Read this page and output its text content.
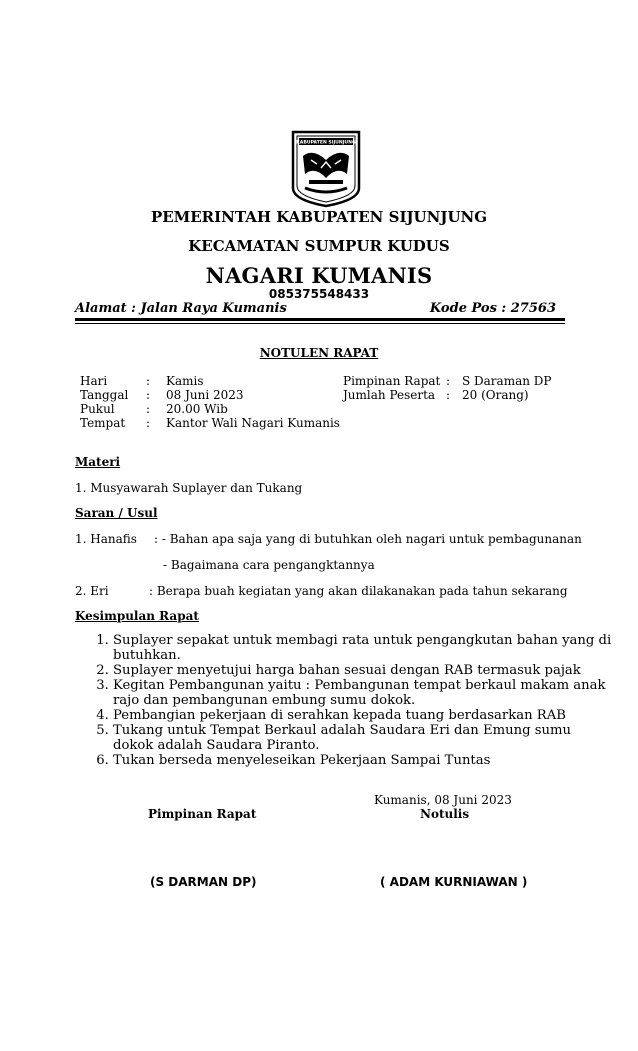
KABUPATEN SIJUNJUNG
PEMERINTAH KABUPATEN SIJUNJUNG
KECAMATAN SUMPUR KUDUS
NAGARI KUMANIS
085375548433
Alamat : Jalan Raya Kumanis	Kode Pos : 27563
NOTULEN RAPAT
Hari	: Kamis
Tanggal : 08 Juni 2023
Pukul	: 20.00 Wib
Tempat : Kantor Wali Nagari Kumanis
Pimpinan Rapat : S Daraman DP
Jumlah Peserta : 20 (Orang)
Materi
1. Musyawarah Suplayer dan Tukang
Saran / Usul
1. Hanafis : - Bahan apa saja yang di butuhkan oleh nagari untuk pembagunanan
- Bagaimana cara pengangktannya
2. Eri	: Berapa buah kegiatan yang akan dilakanakan pada tahun sekarang
Kesimpulan Rapat
1. Suplayer sepakat untuk membagi rata untuk pengangkutan bahan yang di butuhkan.
2. Suplayer menyetujui harga bahan sesuai dengan RAB termasuk pajak
3. Kegitan Pembangunan yaitu : Pembangunan tempat berkaul makam anak rajo dan pembangunan embung sumu dokok.
4. Pembangian pekerjaan di serahkan kepada tuang berdasarkan RAB
5. Tukang untuk Tempat Berkaul adalah Saudara Eri dan Emung sumu dokok adalah Saudara Piranto.
6. Tukan berseda menyeleseikan Pekerjaan Sampai Tuntas
Kumanis, 08 Juni 2023
Pimpinan Rapat	Notulis
(S DARMAN DP)	( ADAM KURNIAWAN )
